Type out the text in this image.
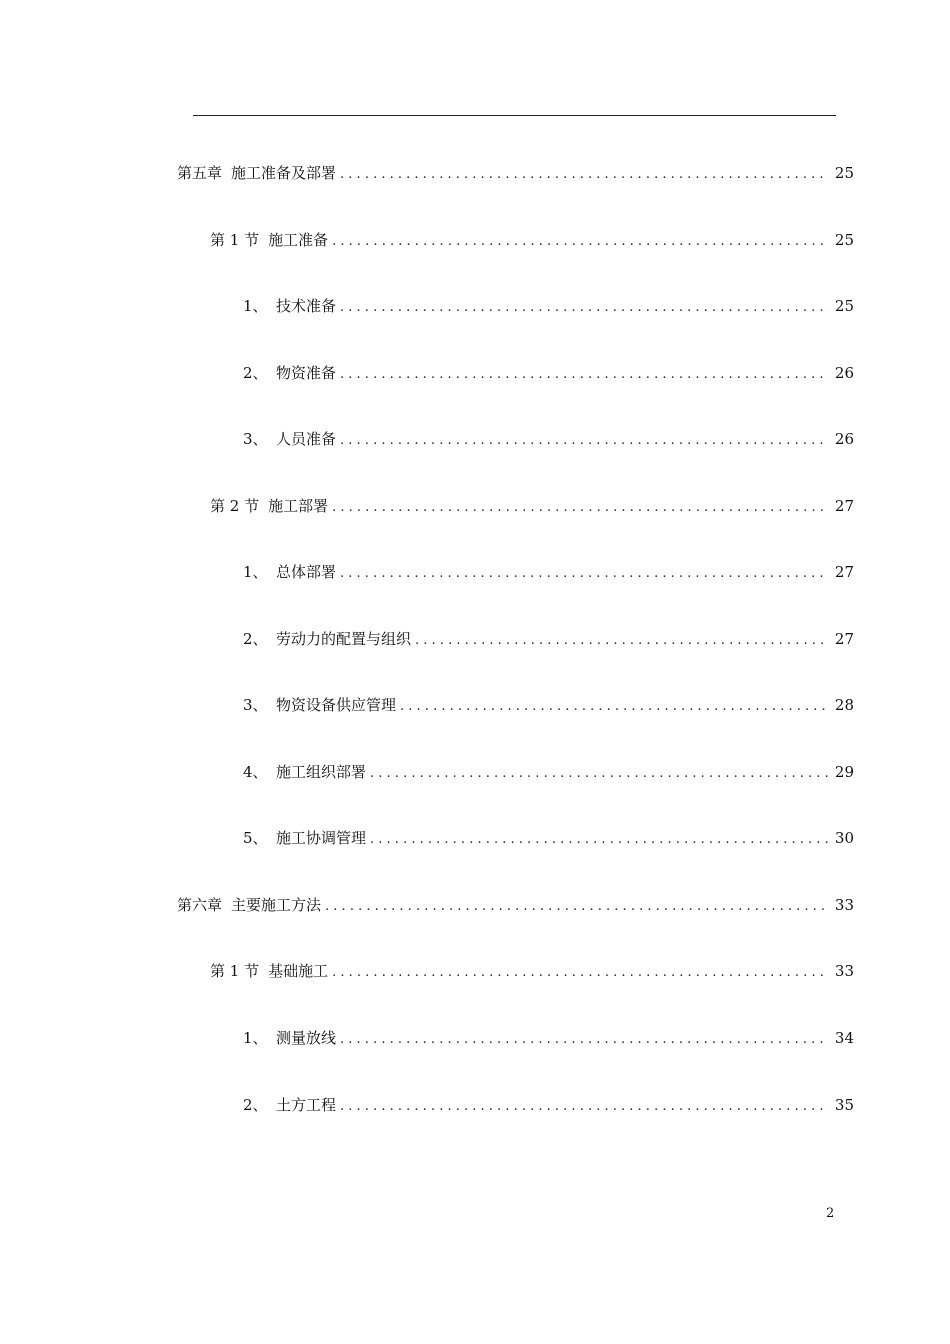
第五章 施工准备及部署 . . .	25
第 1 节 施工准备 . . .	25
1、 技术准备 . . .	25
2、 物资准备 . . .	26
3、 人员准备 . . .	26
第 2 节 施工部署 . . .	27
1、 总体部署 . . .	27
2、 劳动力的配置与组织 . . .	27
3、 物资设备供应管理 . . .	28
4、 施工组织部署 . . .	29
5、 施工协调管理 . . .	30
第六章 主要施工方法 . . .	33
第 1 节 基础施工 . . .	33
1、 测量放线 . . .	34
2、 土方工程 . . .	35
2
